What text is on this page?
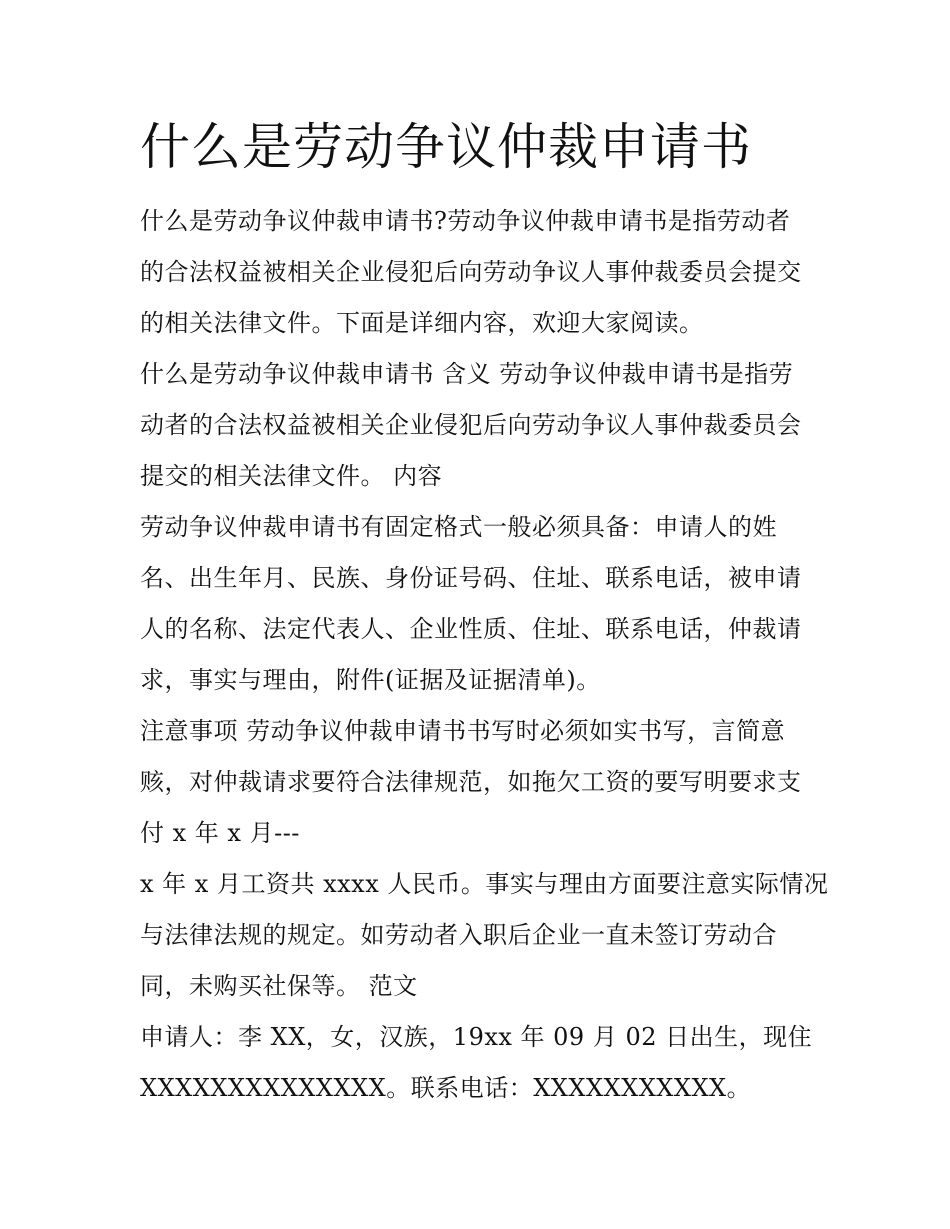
什么是劳动争议仲裁申请书

什么是劳动争议仲裁申请书?劳动争议仲裁申请书是指劳动者
的合法权益被相关企业侵犯后向劳动争议人事仲裁委员会提交
的相关法律文件。下面是详细内容，欢迎大家阅读。

什么是劳动争议仲裁申请书 含义 劳动争议仲裁申请书是指劳
动者的合法权益被相关企业侵犯后向劳动争议人事仲裁委员会
提交的相关法律文件。 内容

劳动争议仲裁申请书有固定格式一般必须具备：申请人的姓
名、出生年月、民族、身份证号码、住址、联系电话，被申请
人的名称、法定代表人、企业性质、住址、联系电话，仲裁请
求，事实与理由，附件(证据及证据清单)。

注意事项 劳动争议仲裁申请书书写时必须如实书写，言简意
赅，对仲裁请求要符合法律规范，如拖欠工资的要写明要求支
付 x 年 x 月---

x 年 x 月工资共 xxxx 人民币。事实与理由方面要注意实际情况
与法律法规的规定。如劳动者入职后企业一直未签订劳动合
同，未购买社保等。 范文

申请人：李 XX，女，汉族，19xx 年 09 月 02 日出生，现住
XXXXXXXXXXXXXX。联系电话：XXXXXXXXXXX。
